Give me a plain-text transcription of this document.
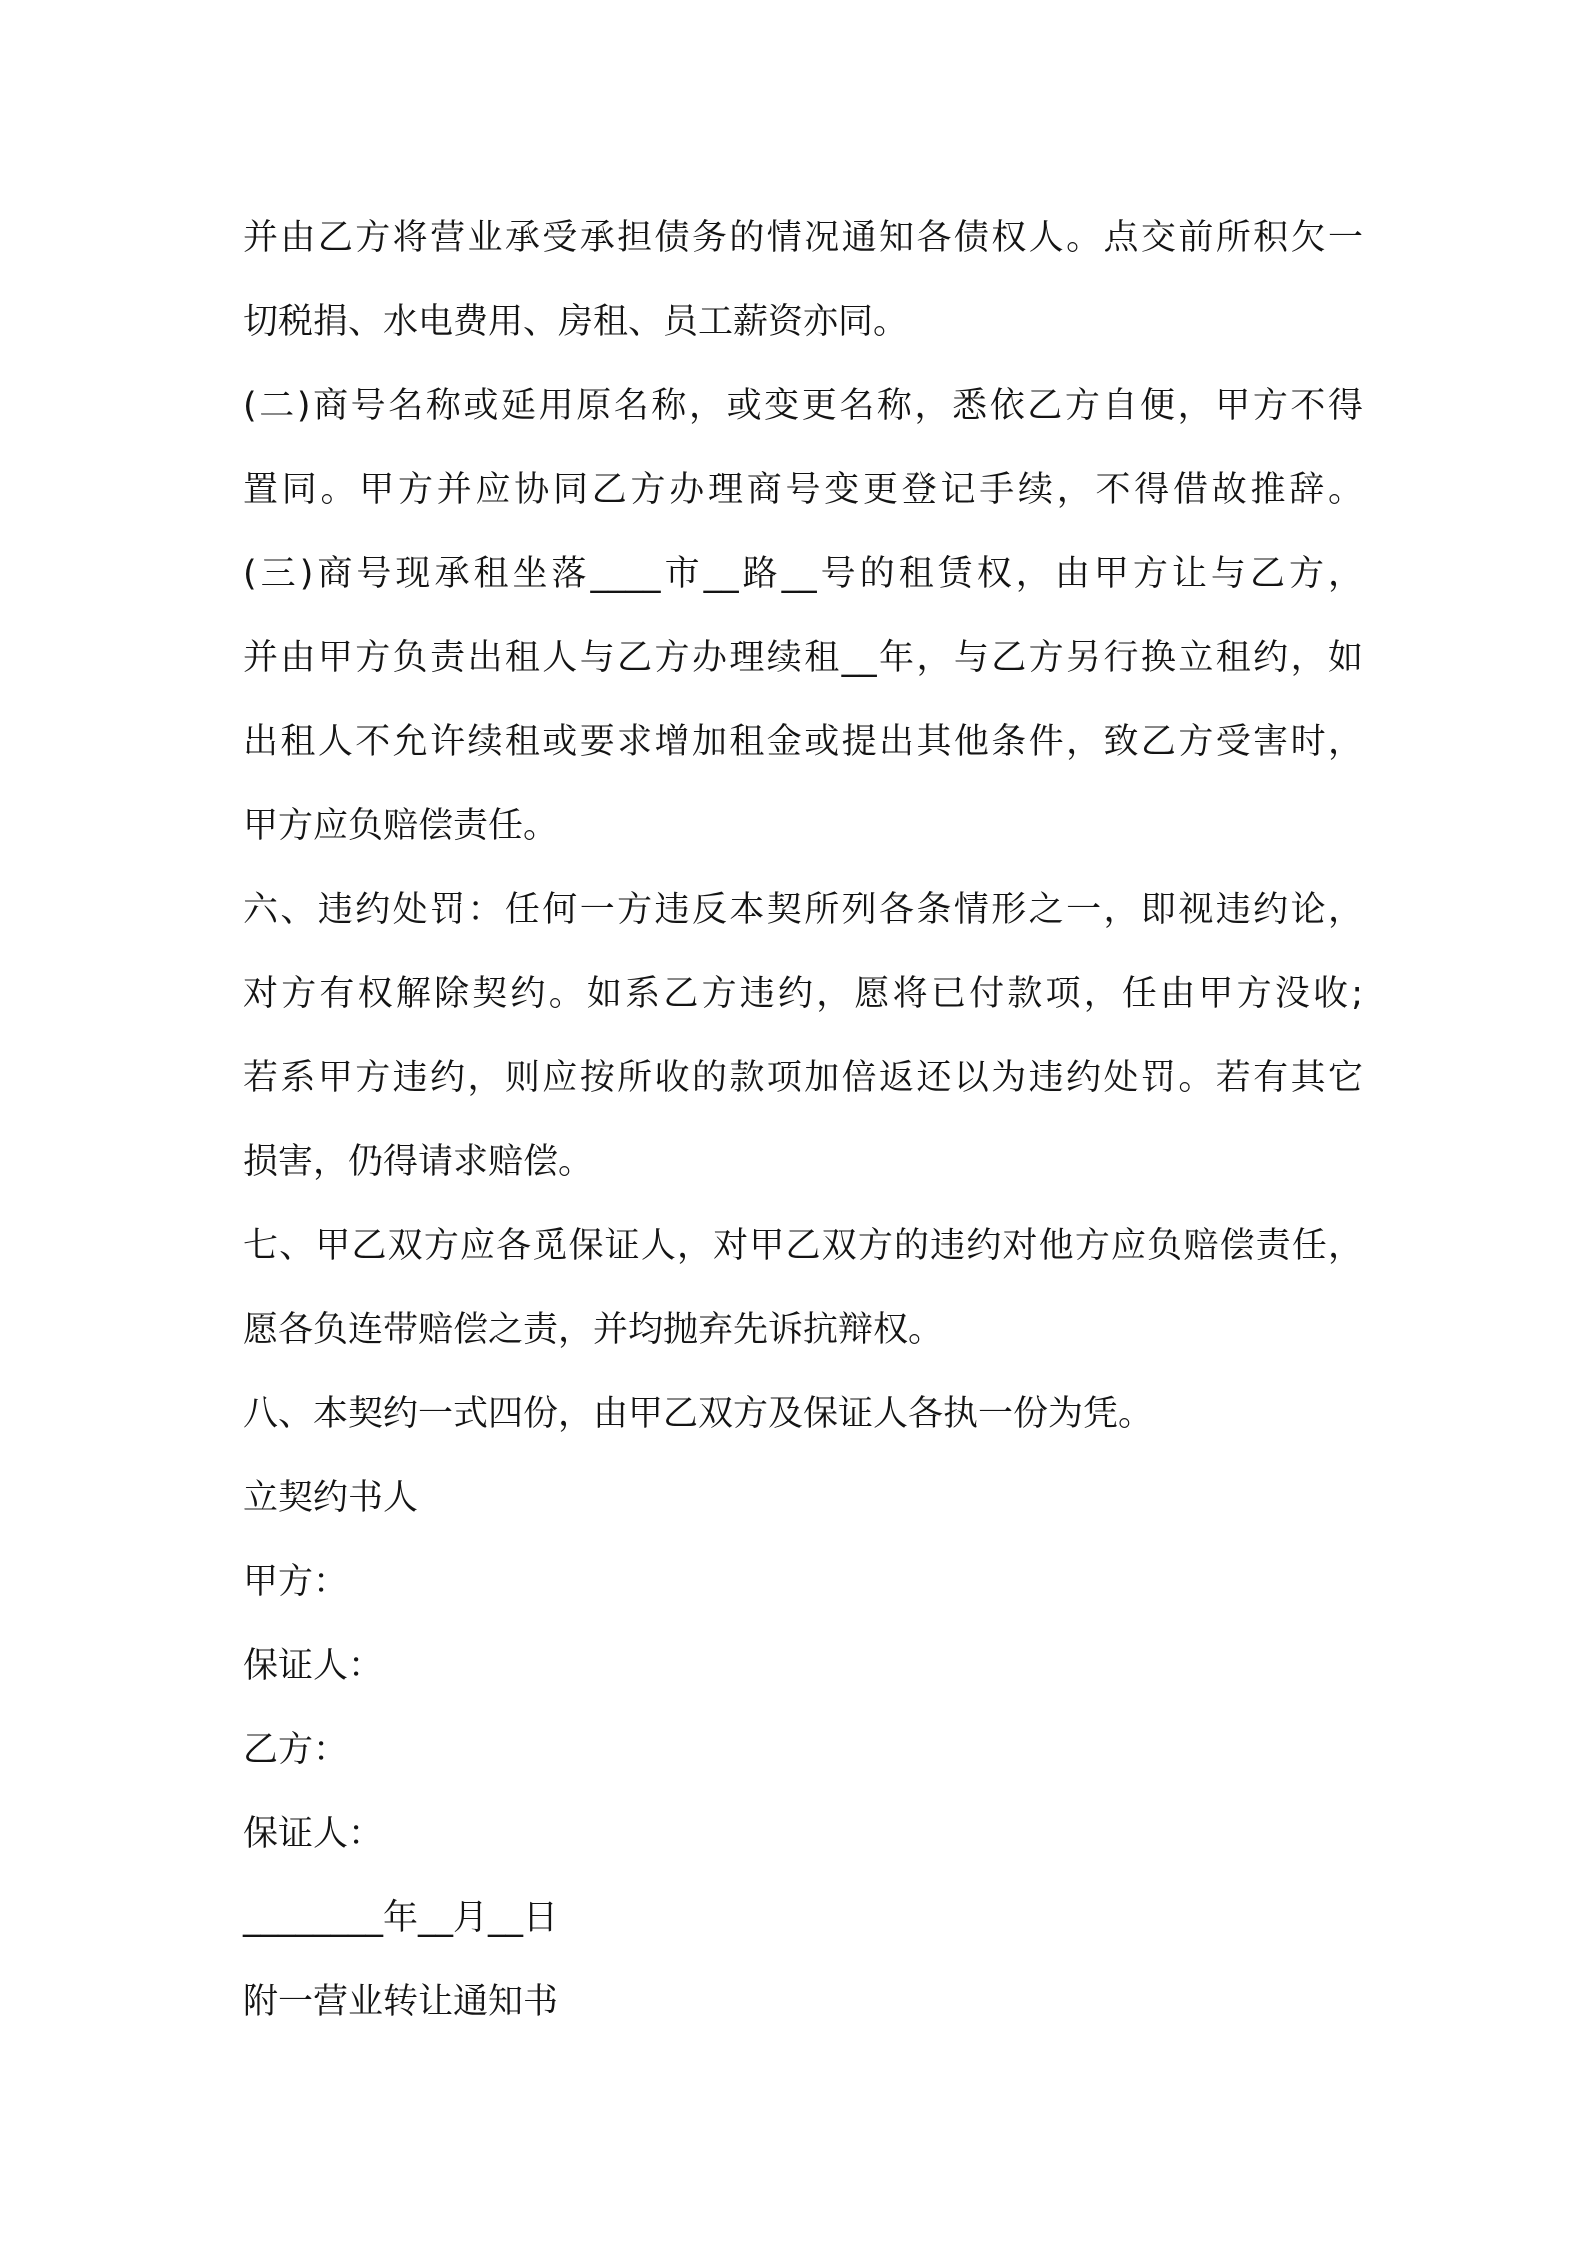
并由乙方将营业承受承担债务的情况通知各债权人。点交前所积欠一
切税捐、水电费用、房租、员工薪资亦同。
(二)商号名称或延用原名称，或变更名称，悉依乙方自便，甲方不得
置同。甲方并应协同乙方办理商号变更登记手续，不得借故推辞。
(三)商号现承租坐落____市__路__号的租赁权，由甲方让与乙方，
并由甲方负责出租人与乙方办理续租__年，与乙方另行换立租约，如
出租人不允许续租或要求增加租金或提出其他条件，致乙方受害时，
甲方应负赔偿责任。
六、违约处罚：任何一方违反本契所列各条情形之一，即视违约论，
对方有权解除契约。如系乙方违约，愿将已付款项，任由甲方没收;
若系甲方违约，则应按所收的款项加倍返还以为违约处罚。若有其它
损害，仍得请求赔偿。
七、甲乙双方应各觅保证人，对甲乙双方的违约对他方应负赔偿责任，
愿各负连带赔偿之责，并均抛弃先诉抗辩权。
八、本契约一式四份，由甲乙双方及保证人各执一份为凭。
立契约书人
甲方：
保证人：
乙方：
保证人：
________年__月__日
附一营业转让通知书
